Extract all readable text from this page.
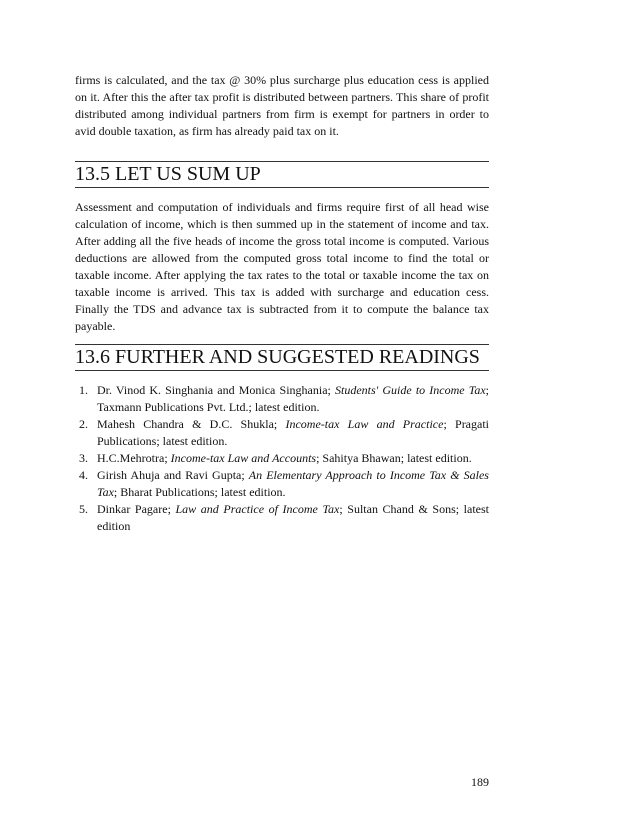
firms is calculated, and the tax @ 30% plus surcharge plus education cess is applied on it. After this the after tax profit is distributed between partners. This share of profit distributed among individual partners from firm is exempt for partners in order to avid double taxation, as firm has already paid tax on it.

13.5 LET US SUM UP

Assessment and computation of individuals and firms require first of all head wise calculation of income, which is then summed up in the statement of income and tax. After adding all the five heads of income the gross total income is computed. Various deductions are allowed from the computed gross total income to find the total or taxable income. After applying the tax rates to the total or taxable income the tax on taxable income is arrived. This tax is added with surcharge and education cess. Finally the TDS and advance tax is subtracted from it to compute the balance tax payable.

13.6 FURTHER AND SUGGESTED READINGS
1. Dr. Vinod K. Singhania and Monica Singhania; Students' Guide to Income Tax; Taxmann Publications Pvt. Ltd.; latest edition.
2. Mahesh Chandra & D.C. Shukla; Income-tax Law and Practice; Pragati Publications; latest edition.
3. H.C.Mehrotra; Income-tax Law and Accounts; Sahitya Bhawan; latest edition.
4. Girish Ahuja and Ravi Gupta; An Elementary Approach to Income Tax & Sales Tax; Bharat Publications; latest edition.
5. Dinkar Pagare; Law and Practice of Income Tax; Sultan Chand & Sons; latest edition
189
